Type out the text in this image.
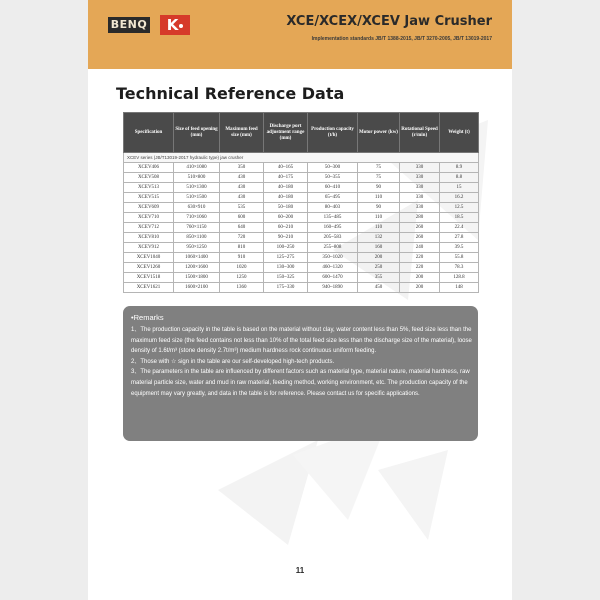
BENQ	K	XCE/XCEX/XCEV Jaw Crusher
Implementation standards JB/T 1388-2015, JB/T 3270-2005, JB/T 13019-2017
Technical Reference Data
Specification	Size of feed opening (mm)	Maximum feed size (mm)	Discharge port adjustment range (mm)	Production capacity (t/h)	Motor power (kw)	Rotational Speed (r/min)	Weight (t)
XCEV series (JB/T13019-2017 hydraulic type) jaw crusher							
XCEV406	410×1080	350	40~165	50~300	75	330	8.9
XCEV508	510×800	430	40~175	50~355	75	330	8.8
XCEV513	510×1300	430	40~180	60~410	90	330	15
XCEV515	510×1500	430	40~180	65~495	110	330	16.2
XCEV609	630×910	535	50~180	80~403	90	330	12.5
XCEV710	710×1060	600	60~200	135~485	110	280	18.5
XCEV712	760×1150	640	60~210	160~495	110	260	22.4
XCEV810	850×1100	720	90~210	205~583	132	260	27.8
XCEV912	950×1250	810	100~250	255~808	160	240	39.5
XCEV1040	1060×1400	910	125~275	350~1020	200	220	55.8
XCEV1260	1200×1600	1020	130~300	460~1320	250	220	78.3
XCEV1518	1500×1800	1250	150~325	600~1470	355	200	128.8
XCEV1621	1600×2100	1360	175~330	940~1890	450	200	148
•Remarks

1、The production capacity in the table is based on the material without clay, water content less than 5%, feed size less than the maximum feed size (the feed contains not less than 10% of the total feed size less than the discharge size of the material), loose density of 1.6t/m³ (stone density 2.7t/m³) medium hardness rock continuous uniform feeding.

2、Those with ☆ sign in the table are our self-developed high-tech products.

3、The parameters in the table are influenced by different factors such as material type, material nature, material hardness, raw material particle size, water and mud in raw material, feeding method, working environment, etc. The production capacity of the equipment may vary greatly, and data in the table is for reference. Please contact us for specific applications.

11
